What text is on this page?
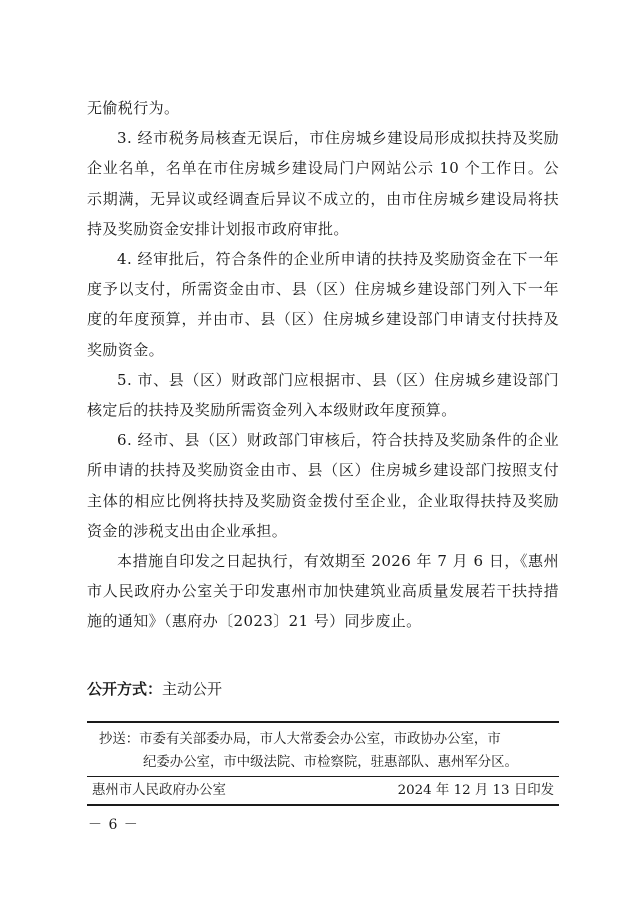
无偷税行为。

3. 经市税务局核查无误后，市住房城乡建设局形成拟扶持及奖励企业名单，名单在市住房城乡建设局门户网站公示 10 个工作日。公示期满，无异议或经调查后异议不成立的，由市住房城乡建设局将扶持及奖励资金安排计划报市政府审批。

4. 经审批后，符合条件的企业所申请的扶持及奖励资金在下一年度予以支付，所需资金由市、县（区）住房城乡建设部门列入下一年度的年度预算，并由市、县（区）住房城乡建设部门申请支付扶持及奖励资金。

5. 市、县（区）财政部门应根据市、县（区）住房城乡建设部门核定后的扶持及奖励所需资金列入本级财政年度预算。

6. 经市、县（区）财政部门审核后，符合扶持及奖励条件的企业所申请的扶持及奖励资金由市、县（区）住房城乡建设部门按照支付主体的相应比例将扶持及奖励资金拨付至企业，企业取得扶持及奖励资金的涉税支出由企业承担。

本措施自印发之日起执行，有效期至 2026 年 7 月 6 日，《惠州市人民政府办公室关于印发惠州市加快建筑业高质量发展若干扶持措施的通知》（惠府办〔2023〕21 号）同步废止。

公开方式：主动公开
抄送：市委有关部委办局，市人大常委会办公室，市政协办公室，市
纪委办公室，市中级法院、市检察院，驻惠部队、惠州军分区。
惠州市人民政府办公室	2024 年 12 月 13 日印发
－ 6 －
